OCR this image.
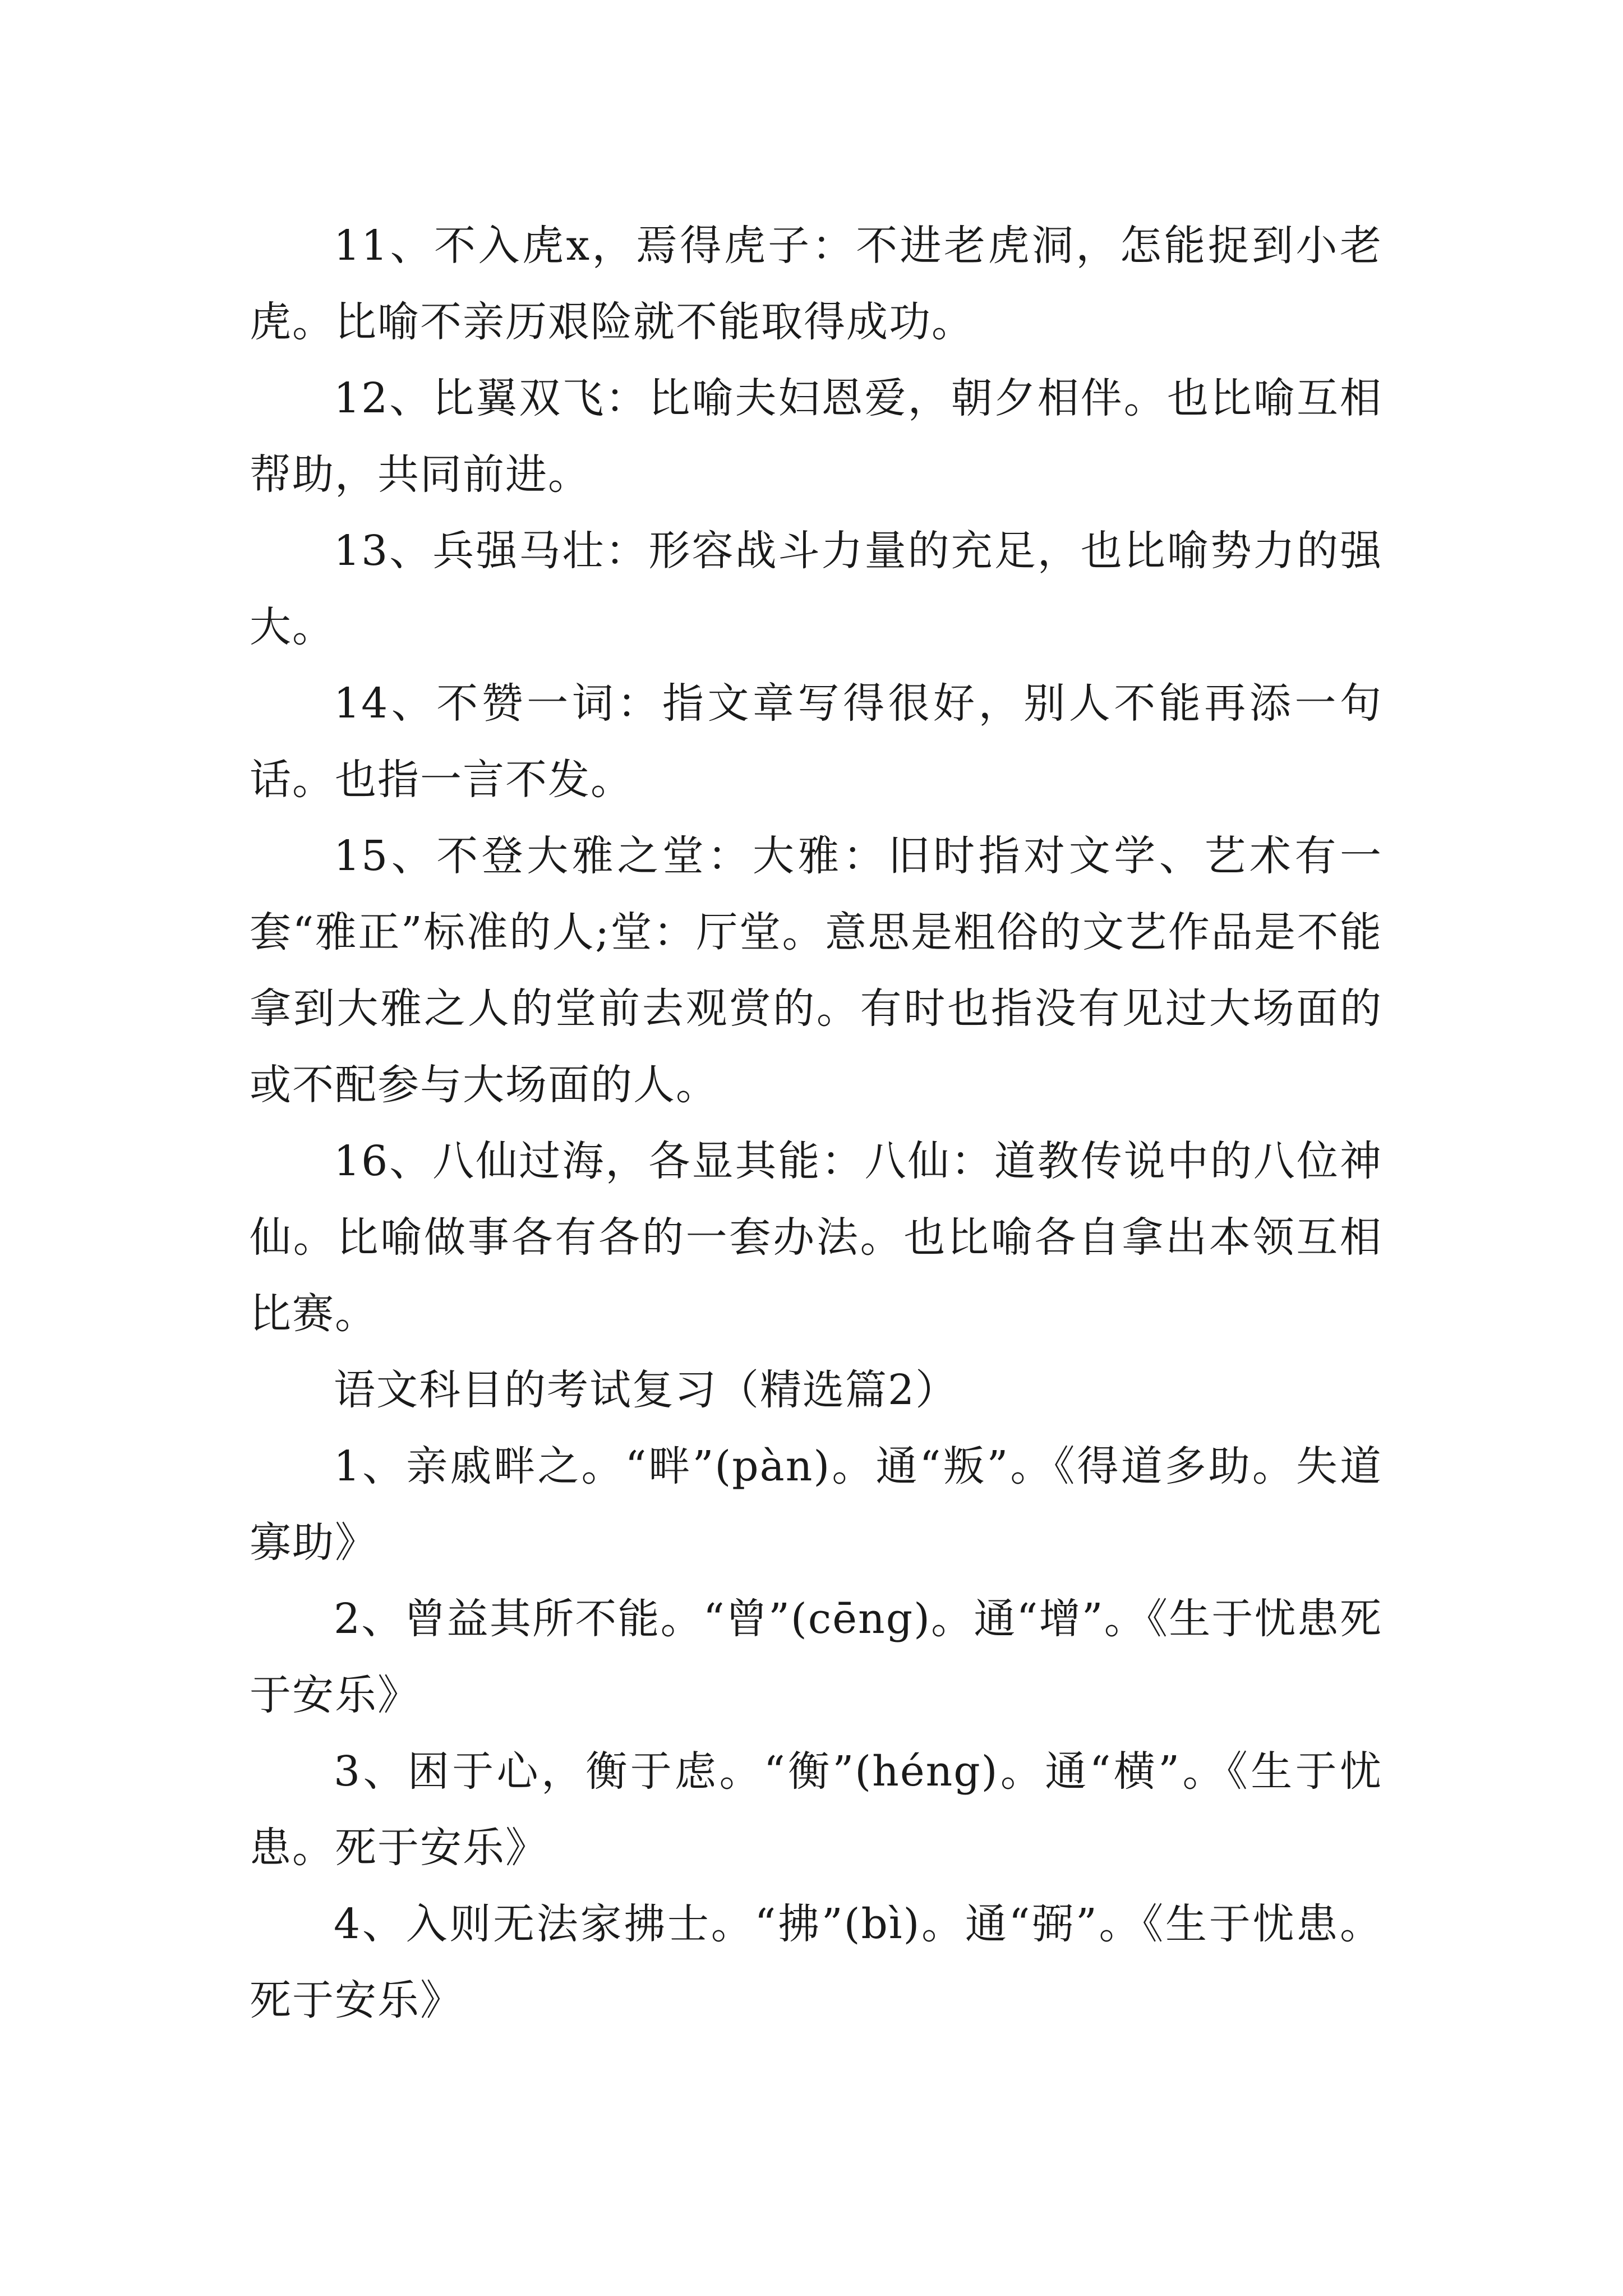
11、不入虎x，焉得虎子：不进老虎洞，怎能捉到小老虎。比喻不亲历艰险就不能取得成功。

12、比翼双飞：比喻夫妇恩爱，朝夕相伴。也比喻互相帮助，共同前进。

13、兵强马壮：形容战斗力量的充足，也比喻势力的强大。

14、不赞一词：指文章写得很好，别人不能再添一句话。也指一言不发。

15、不登大雅之堂：大雅：旧时指对文学、艺术有一套“雅正”标准的人;堂：厅堂。意思是粗俗的文艺作品是不能拿到大雅之人的堂前去观赏的。有时也指没有见过大场面的或不配参与大场面的人。

16、八仙过海，各显其能：八仙：道教传说中的八位神仙。比喻做事各有各的一套办法。也比喻各自拿出本领互相比赛。

语文科目的考试复习（精选篇2）

1、亲戚畔之。“畔”(pàn)。通“叛”。《得道多助。失道寡助》

2、曾益其所不能。“曾”(cēng)。通“增”。《生于忧患死于安乐》

3、困于心，衡于虑。“衡”(héng)。通“横”。《生于忧患。死于安乐》

4、入则无法家拂士。“拂”(bì)。通“弼”。《生于忧患。死于安乐》
